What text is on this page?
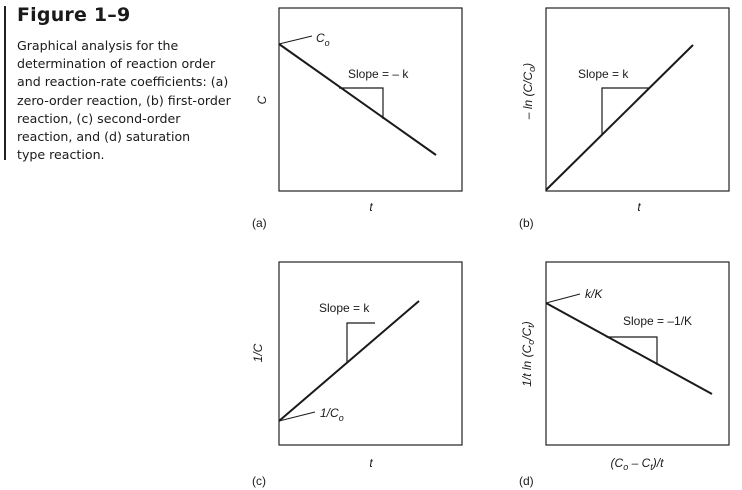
Figure 1–9
Graphical analysis for the
determination of reaction order
and reaction-rate coefficients: (a)
zero-order reaction, (b) first-order
reaction, (c) second-order
reaction, and (d) saturation
type reaction.
$C_o$
Slope = – k
C
t
(a)
Slope = k
– $\ln (C/C_o)$
t
(b)
$1/C_o$
Slope = k
1/C
t
(c)
k/K
Slope = –1/K
1/t $\ln (C_o/C_t)$
$(C_o - C_t)/t$
(d)
